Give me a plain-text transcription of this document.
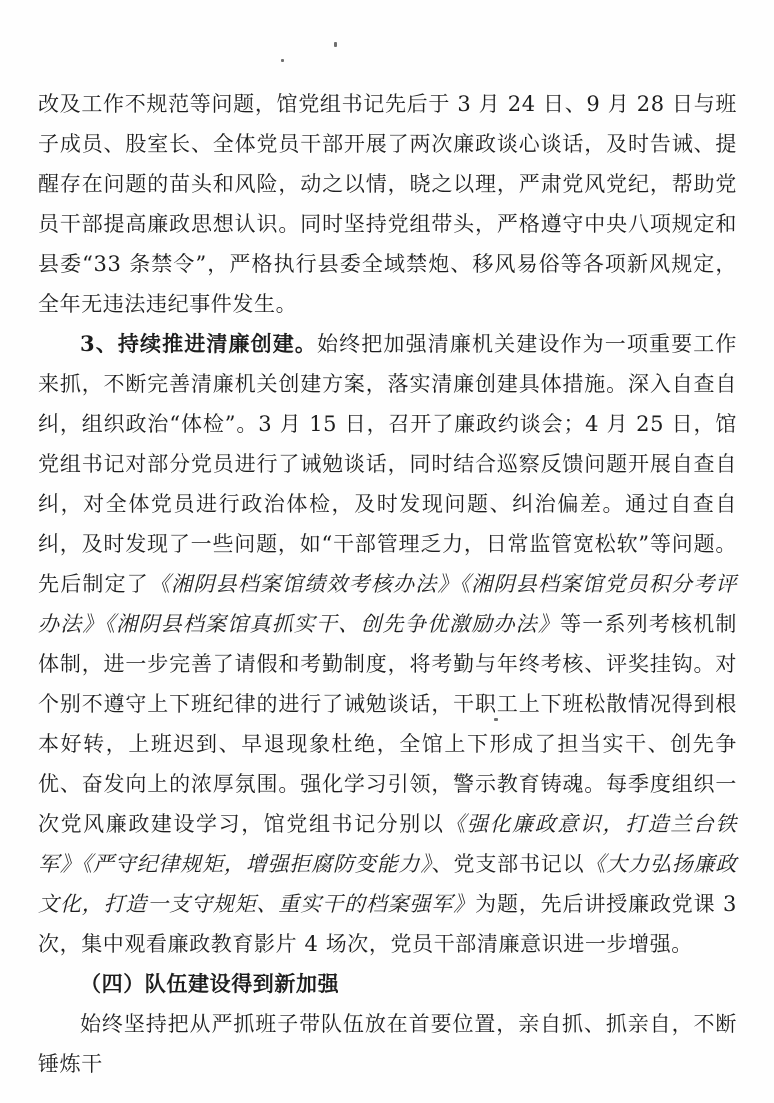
改及工作不规范等问题，馆党组书记先后于 3 月 24 日、9 月 28 日与班子成员、股室长、全体党员干部开展了两次廉政谈心谈话，及时告诫、提醒存在问题的苗头和风险，动之以情，晓之以理，严肃党风党纪，帮助党员干部提高廉政思想认识。同时坚持党组带头，严格遵守中央八项规定和县委“33 条禁令”，严格执行县委全域禁炮、移风易俗等各项新风规定，全年无违法违纪事件发生。

3、持续推进清廉创建。始终把加强清廉机关建设作为一项重要工作来抓，不断完善清廉机关创建方案，落实清廉创建具体措施。深入自查自纠，组织政治“体检”。3 月 15 日，召开了廉政约谈会；4 月 25 日，馆党组书记对部分党员进行了诫勉谈话，同时结合巡察反馈问题开展自查自纠，对全体党员进行政治体检，及时发现问题、纠治偏差。通过自查自纠，及时发现了一些问题，如“干部管理乏力，日常监管宽松软”等问题。先后制定了《湘阴县档案馆绩效考核办法》《湘阴县档案馆党员积分考评办法》《湘阴县档案馆真抓实干、创先争优激励办法》等一系列考核机制体制，进一步完善了请假和考勤制度，将考勤与年终考核、评奖挂钩。对个别不遵守上下班纪律的进行了诫勉谈话，干职工上下班松散情况得到根本好转，上班迟到、早退现象杜绝，全馆上下形成了担当实干、创先争优、奋发向上的浓厚氛围。强化学习引领，警示教育铸魂。每季度组织一次党风廉政建设学习，馆党组书记分别以《强化廉政意识，打造兰台铁军》《严守纪律规矩，增强拒腐防变能力》、党支部书记以《大力弘扬廉政文化，打造一支守规矩、重实干的档案强军》为题，先后讲授廉政党课 3 次，集中观看廉政教育影片 4 场次，党员干部清廉意识进一步增强。

（四）队伍建设得到新加强

始终坚持把从严抓班子带队伍放在首要位置，亲自抓、抓亲自，不断锤炼干
